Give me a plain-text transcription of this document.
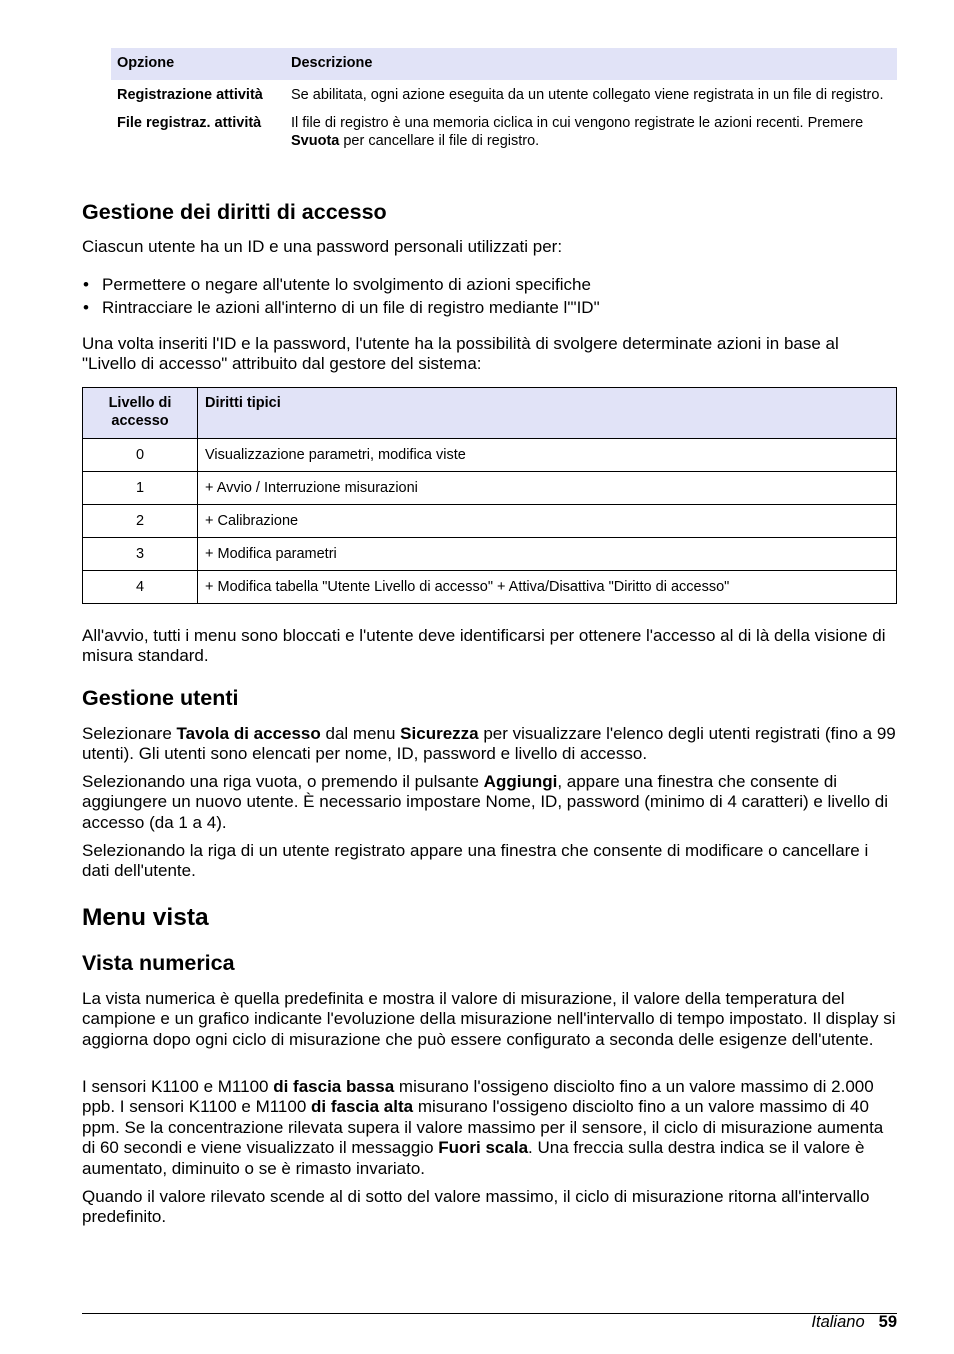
Opzione	Descrizione
Registrazione attività	Se abilitata, ogni azione eseguita da un utente collegato viene registrata in un file di registro.
File registraz. attività	Il file di registro è una memoria ciclica in cui vengono registrate le azioni recenti. Premere Svuota per cancellare il file di registro.
Gestione dei diritti di accesso

Ciascun utente ha un ID e una password personali utilizzati per:

• Permettere o negare all'utente lo svolgimento di azioni specifiche
• Rintracciare le azioni all'interno di un file di registro mediante l'"ID"

Una volta inseriti l'ID e la password, l'utente ha la possibilità di svolgere determinate azioni in base al "Livello di accesso" attribuito dal gestore del sistema:

Livello di accesso	Diritti tipici
0	Visualizzazione parametri, modifica viste
1	+ Avvio / Interruzione misurazioni
2	+ Calibrazione
3	+ Modifica parametri
4	+ Modifica tabella "Utente Livello di accesso" + Attiva/Disattiva "Diritto di accesso"

All'avvio, tutti i menu sono bloccati e l'utente deve identificarsi per ottenere l'accesso al di là della visione di misura standard.

Gestione utenti

Selezionare Tavola di accesso dal menu Sicurezza per visualizzare l'elenco degli utenti registrati (fino a 99 utenti). Gli utenti sono elencati per nome, ID, password e livello di accesso.

Selezionando una riga vuota, o premendo il pulsante Aggiungi, appare una finestra che consente di aggiungere un nuovo utente. È necessario impostare Nome, ID, password (minimo di 4 caratteri) e livello di accesso (da 1 a 4).

Selezionando la riga di un utente registrato appare una finestra che consente di modificare o cancellare i dati dell'utente.

Menu vista
Vista numerica

La vista numerica è quella predefinita e mostra il valore di misurazione, il valore della temperatura del campione e un grafico indicante l'evoluzione della misurazione nell'intervallo di tempo impostato. Il display si aggiorna dopo ogni ciclo di misurazione che può essere configurato a seconda delle esigenze dell'utente.

I sensori K1100 e M1100 di fascia bassa misurano l'ossigeno disciolto fino a un valore massimo di 2.000 ppb. I sensori K1100 e M1100 di fascia alta misurano l'ossigeno disciolto fino a un valore massimo di 40 ppm. Se la concentrazione rilevata supera il valore massimo per il sensore, il ciclo di misurazione aumenta di 60 secondi e viene visualizzato il messaggio Fuori scala. Una freccia sulla destra indica se il valore è aumentato, diminuito o se è rimasto invariato.

Quando il valore rilevato scende al di sotto del valore massimo, il ciclo di misurazione ritorna all'intervallo predefinito.

Italiano 59
